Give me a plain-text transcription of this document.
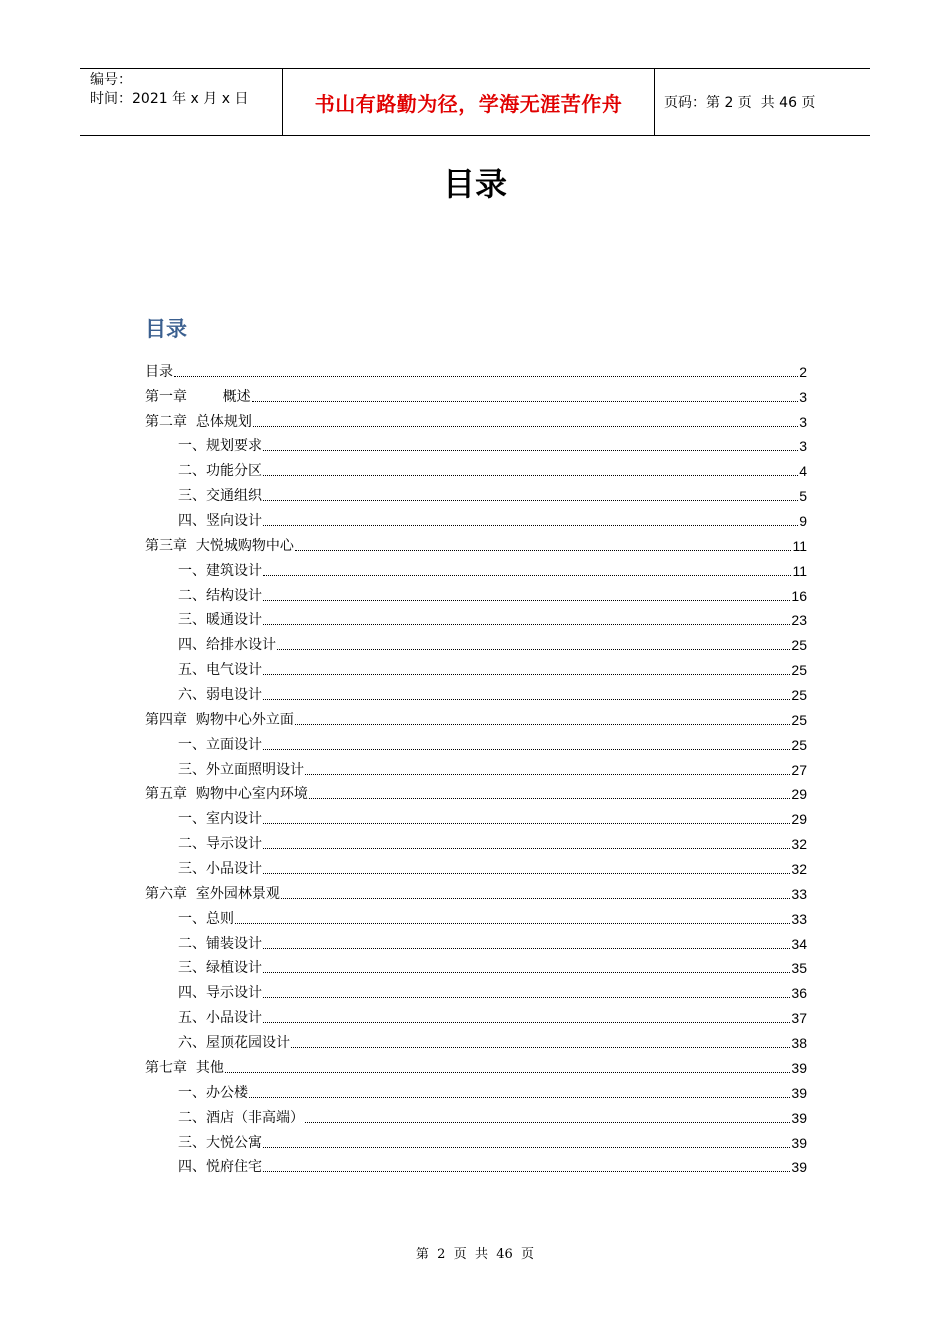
编号：
时间：2021 年 x 月 x 日	书山有路勤为径，学海无涯苦作舟	页码：第 2 页  共 46 页
目录
目录
目录	2
第一章        概述	3
第二章  总体规划	3
一、规划要求	3
二、功能分区	4
三、交通组织	5
四、竖向设计	9
第三章  大悦城购物中心	11
一、建筑设计	11
二、结构设计	16
三、暖通设计	23
四、给排水设计	25
五、电气设计	25
六、弱电设计	25
第四章  购物中心外立面	25
一、立面设计	25
三、外立面照明设计	27
第五章  购物中心室内环境	29
一、室内设计	29
二、导示设计	32
三、小品设计	32
第六章  室外园林景观	33
一、总则	33
二、铺装设计	34
三、绿植设计	35
四、导示设计	36
五、小品设计	37
六、屋顶花园设计	38
第七章  其他	39
一、办公楼	39
二、酒店（非高端）	39
三、大悦公寓	39
四、悦府住宅	39
第  2  页  共  46  页
